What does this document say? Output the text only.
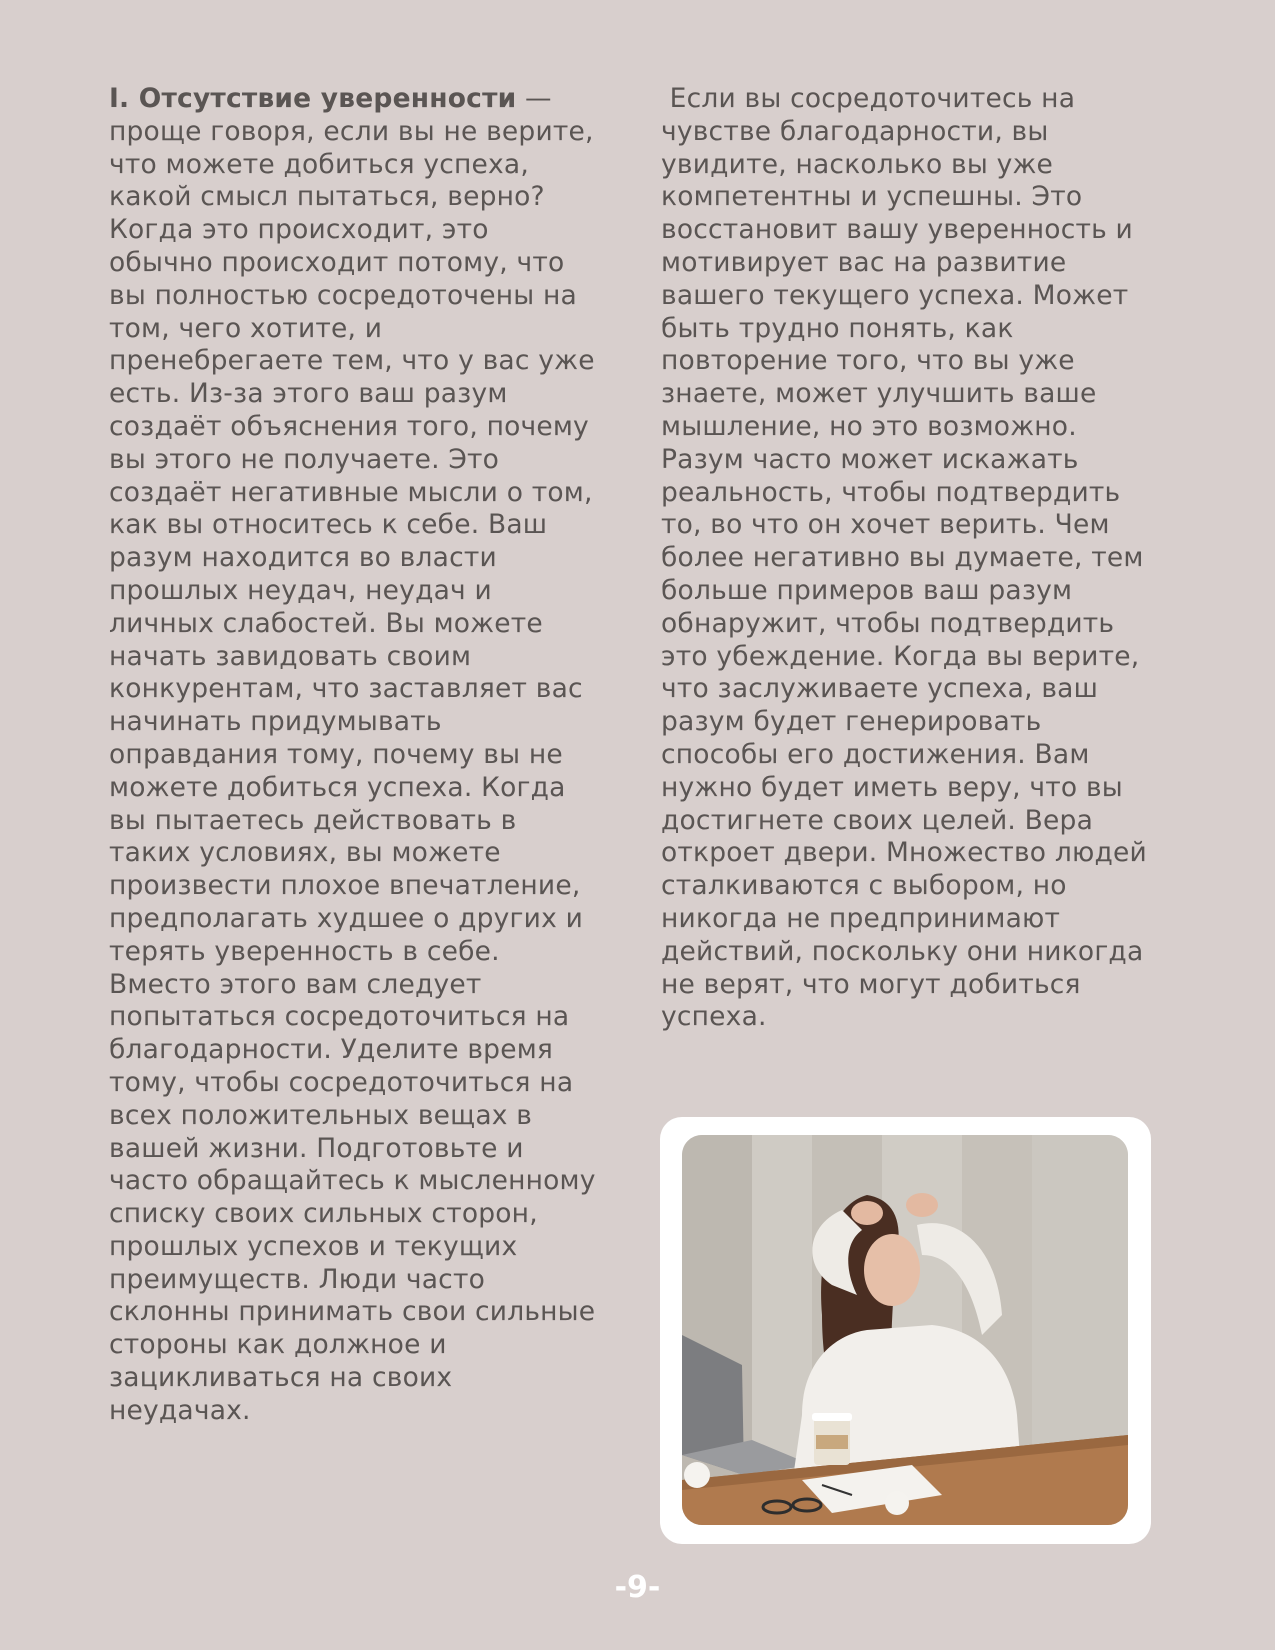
I. Отсутствие уверенности — проще говоря, если вы не верите, что можете добиться успеха, какой смысл пытаться, верно? Когда это происходит, это обычно происходит потому, что вы полностью сосредоточены на том, чего хотите, и пренебрегаете тем, что у вас уже есть. Из-за этого ваш разум создаёт объяснения того, почему вы этого не получаете. Это создаёт негативные мысли о том, как вы относитесь к себе. Ваш разум находится во власти прошлых неудач, неудач и личных слабостей. Вы можете начать завидовать своим конкурентам, что заставляет вас начинать придумывать оправдания тому, почему вы не можете добиться успеха. Когда вы пытаетесь действовать в таких условиях, вы можете произвести плохое впечатление, предполагать худшее о других и терять уверенность в себе. Вместо этого вам следует попытаться сосредоточиться на благодарности. Уделите время тому, чтобы сосредоточиться на всех положительных вещах в вашей жизни. Подготовьте и часто обращайтесь к мысленному списку своих сильных сторон, прошлых успехов и текущих преимуществ. Люди часто склонны принимать свои сильные стороны как должное и зацикливаться на своих неудачах.

Если вы сосредоточитесь на чувстве благодарности, вы увидите, насколько вы уже компетентны и успешны. Это восстановит вашу уверенность и мотивирует вас на развитие вашего текущего успеха. Может быть трудно понять, как повторение того, что вы уже знаете, может улучшить ваше мышление, но это возможно. Разум часто может искажать реальность, чтобы подтвердить то, во что он хочет верить. Чем более негативно вы думаете, тем больше примеров ваш разум обнаружит, чтобы подтвердить это убеждение. Когда вы верите, что заслуживаете успеха, ваш разум будет генерировать способы его достижения. Вам нужно будет иметь веру, что вы достигнете своих целей. Вера откроет двери. Множество людей сталкиваются с выбором, но никогда не предпринимают действий, поскольку они никогда не верят, что могут добиться успеха.

-9-
